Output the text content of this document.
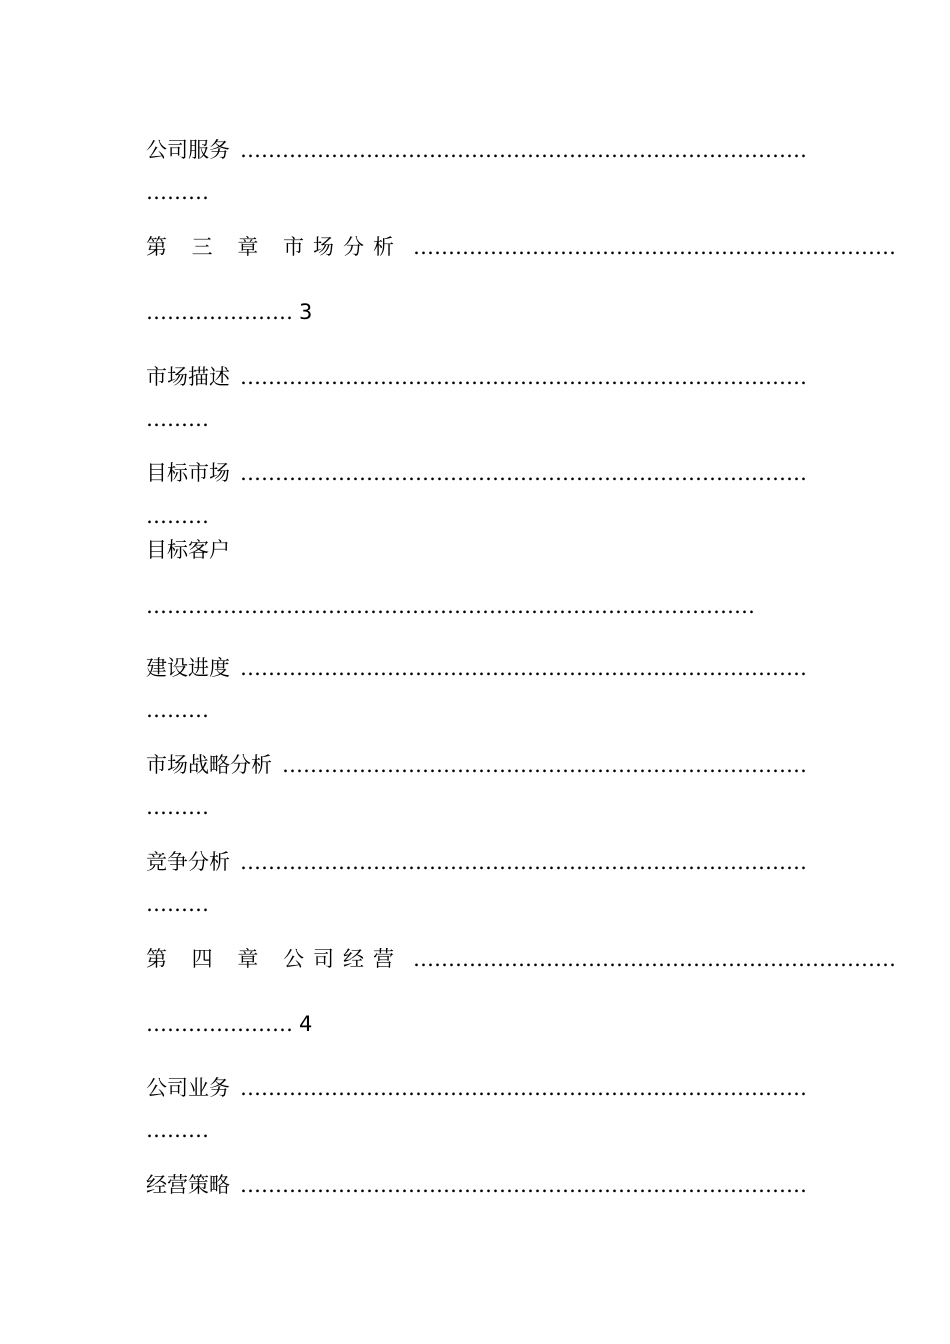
公司服务 ………………………………………………………………………
………
第 三 章 市场分析 ……………………………………………………………
………………… 3
市场描述 ………………………………………………………………………
………
目标市场 ………………………………………………………………………
………
目标客户
……………………………………………………………………………
建设进度 ………………………………………………………………………
………
市场战略分析 …………………………………………………………………
………
竞争分析 ………………………………………………………………………
………
第 四 章 公司经营 ……………………………………………………………
………………… 4
公司业务 ………………………………………………………………………
………
经营策略 ………………………………………………………………………
